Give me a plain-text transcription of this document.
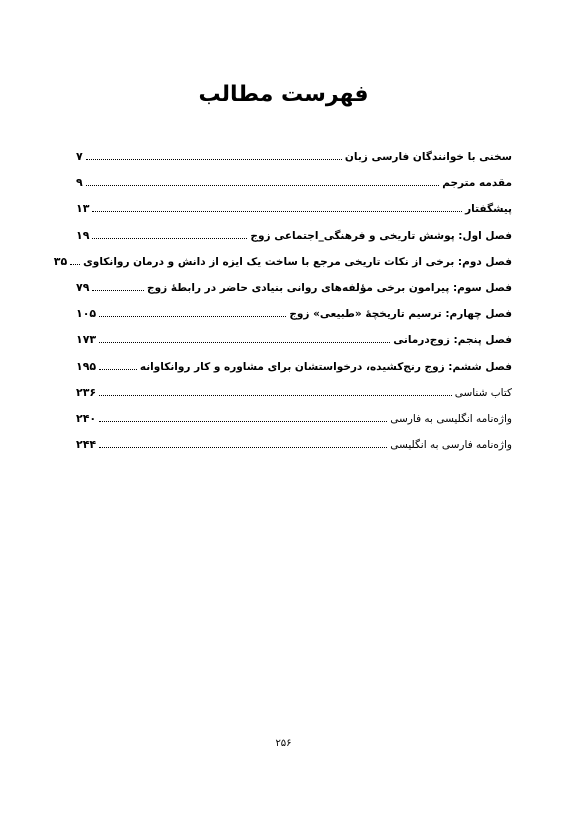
فهرست مطالب
سخنی با خوانندگان فارسی زبان
۷
مقدمه مترجم
۹
پیشگفتار
۱۳
فصل اول: پوشش تاریخی و فرهنگی_اجتماعی زوج
۱۹
فصل دوم: برخی از نکات تاریخی مرجع با ساخت یک ایزه از دانش و درمان روانکاوی
۳۵
فصل سوم: پیرامون برخی مؤلفه‌های روانی بنیادی حاضر در رابطهٔ زوج
۷۹
فصل چهارم: ترسیم تاریخچهٔ «طبیعی» زوج
۱۰۵
فصل پنجم: زوج‌درمانی
۱۷۳
فصل ششم: زوج رنج‌کشیده، درخواستشان برای مشاوره و کار روانکاوانه
۱۹۵
کتاب شناسی
۲۳۶
واژه‌نامه انگلیسی به فارسی
۲۴۰
واژه‌نامه فارسی به انگلیسی
۲۴۴
۲۵۶
